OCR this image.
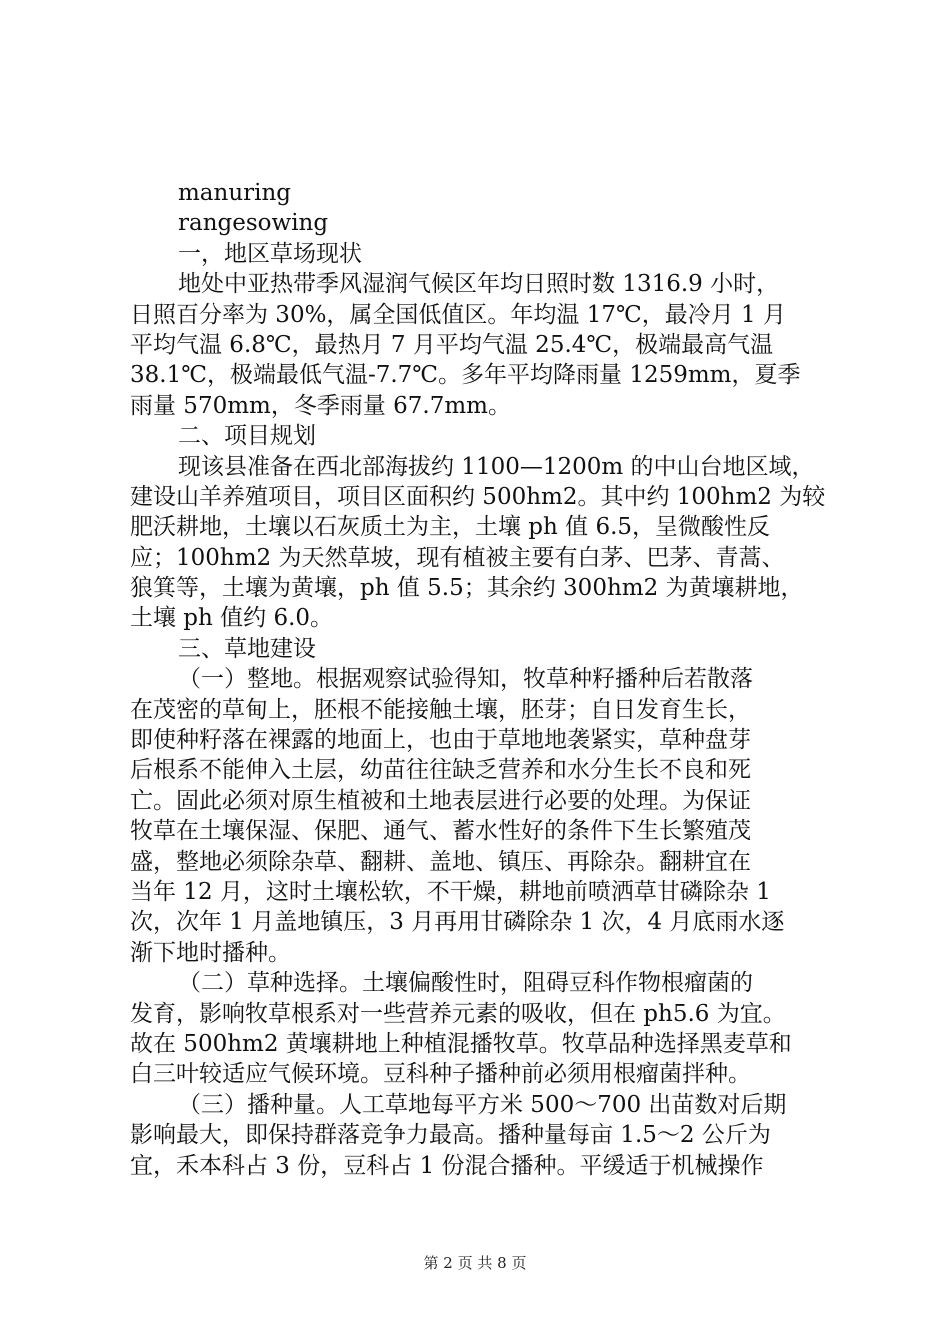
manuring
rangesowing
一，地区草场现状
地处中亚热带季风湿润气候区年均日照时数 1316.9 小时，
日照百分率为 30%，属全国低值区。年均温 17℃，最冷月 1 月
平均气温 6.8℃，最热月 7 月平均气温 25.4℃，极端最高气温
38.1℃，极端最低气温-7.7℃。多年平均降雨量 1259mm，夏季
雨量 570mm，冬季雨量 67.7mm。
二、项目规划
现该县准备在西北部海拔约 1100—1200m 的中山台地区域，
建设山羊养殖项目，项目区面积约 500hm2。其中约 100hm2 为较
肥沃耕地，土壤以石灰质土为主，土壤 ph 值 6.5，呈微酸性反
应；100hm2 为天然草坡，现有植被主要有白茅、巴茅、青蒿、
狼箕等，土壤为黄壤，ph 值 5.5；其余约 300hm2 为黄壤耕地，
土壤 ph 值约 6.0。
三、草地建设
（一）整地。根据观察试验得知，牧草种籽播种后若散落
在茂密的草甸上，胚根不能接触土壤，胚芽；自日发育生长，
即使种籽落在裸露的地面上，也由于草地地袭紧实，草种盘芽
后根系不能伸入土层，幼苗往往缺乏营养和水分生长不良和死
亡。固此必须对原生植被和土地表层进行必要的处理。为保证
牧草在土壤保湿、保肥、通气、蓄水性好的条件下生长繁殖茂
盛，整地必须除杂草、翻耕、盖地、镇压、再除杂。翻耕宜在
当年 12 月，这时土壤松软，不干燥，耕地前喷洒草甘磷除杂 1
次，次年 1 月盖地镇压，3 月再用甘磷除杂 1 次，4 月底雨水逐
渐下地时播种。
（二）草种选择。土壤偏酸性时，阻碍豆科作物根瘤菌的
发育，影响牧草根系对一些营养元素的吸收，但在 ph5.6 为宜。
故在 500hm2 黄壤耕地上种植混播牧草。牧草品种选择黑麦草和
白三叶较适应气候环境。豆科种子播种前必须用根瘤菌拌种。
（三）播种量。人工草地每平方米 500～700 出苗数对后期
影响最大，即保持群落竞争力最高。播种量每亩 1.5～2 公斤为
宜，禾本科占 3 份，豆科占 1 份混合播种。平缓适于机械操作
第 2 页 共 8 页
